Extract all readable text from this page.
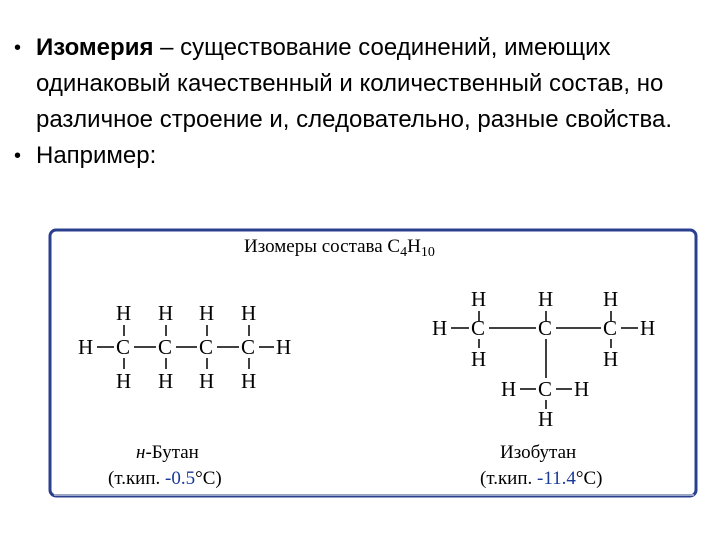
• Изомерия – существование соединений, имеющих одинаковый качественный и количественный состав, но различное строение и, следовательно, разные свойства.
• Например:
Изомеры состава $C_4H_{10}$
H H H H
H C C C C H
H H H H
H H H
H C	C C H
H	H
H C H
H
н-Бутан
(т.кип. -0.5°C)
Изобутан
(т.кип. -11.4°C)
